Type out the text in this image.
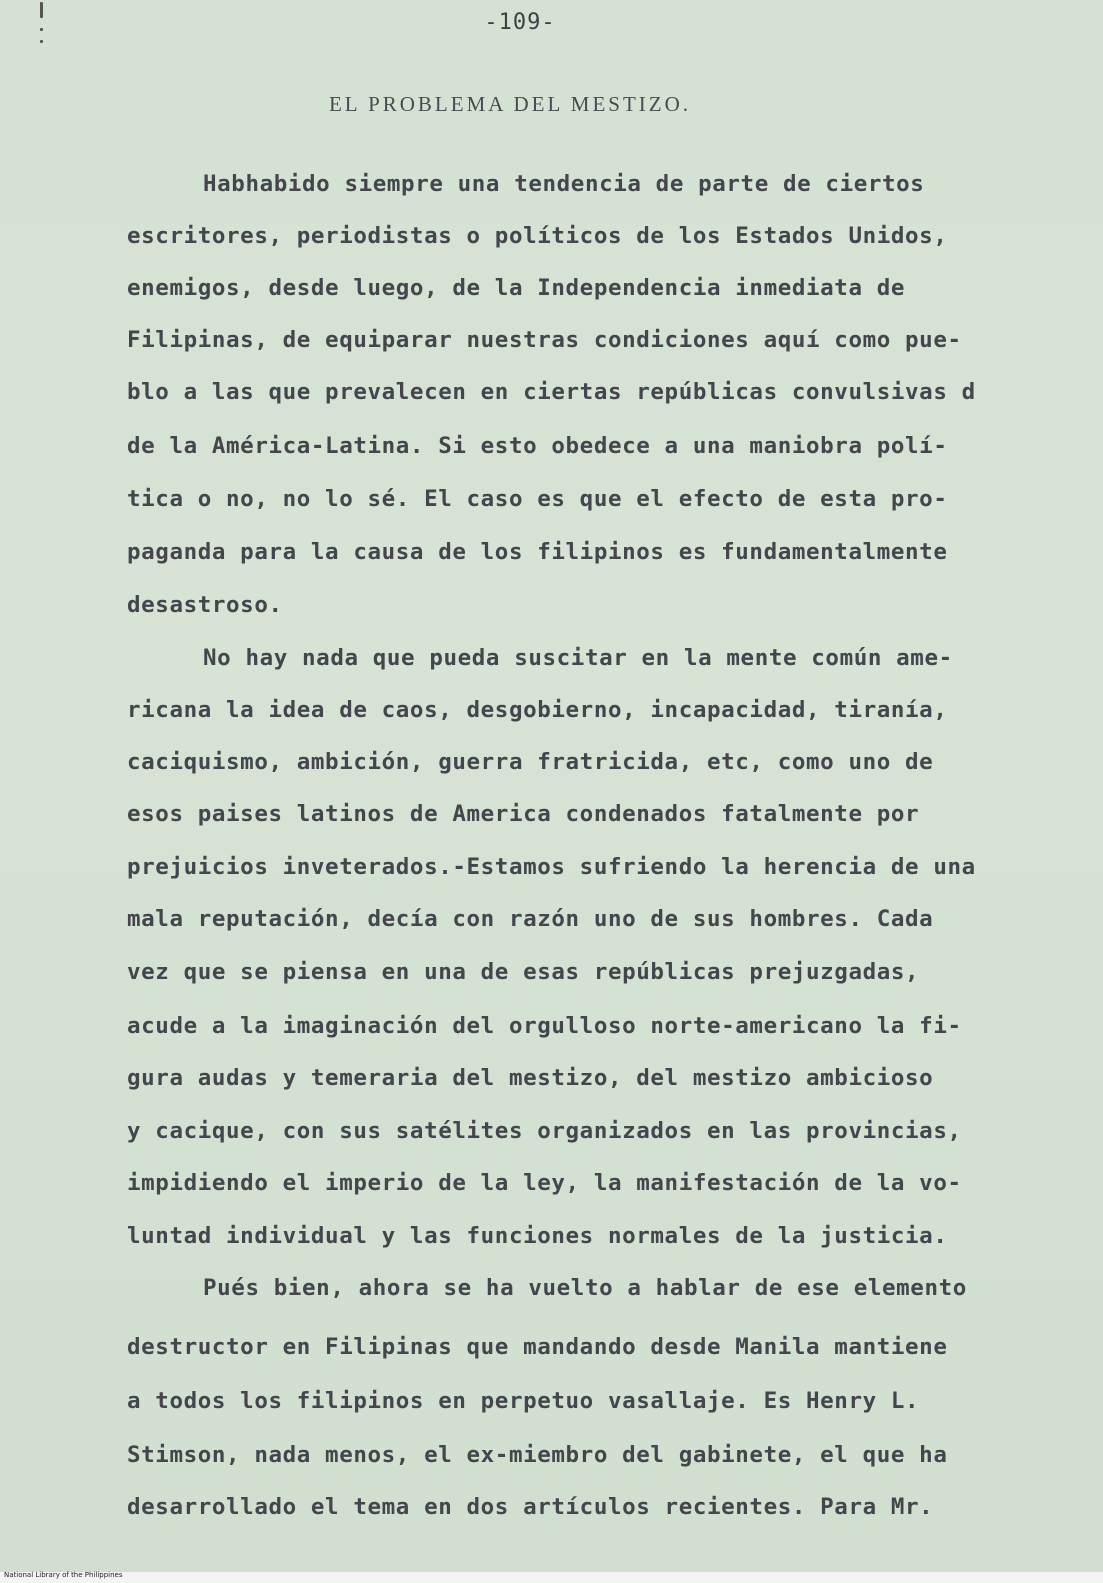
-109-
EL PROBLEMA DEL MESTIZO.
Habhabido siempre una tendencia de parte de ciertos
escritores, periodistas o políticos de los Estados Unidos,
enemigos, desde luego, de la Independencia inmediata de
Filipinas, de equiparar nuestras condiciones aquí como pue-
blo a las que prevalecen en ciertas repúblicas convulsivas d
de la América-Latina. Si esto obedece a una maniobra polí-
tica o no, no lo sé. El caso es que el efecto de esta pro-
paganda para la causa de los filipinos es fundamentalmente
desastroso.
No hay nada que pueda suscitar en la mente común ame-
ricana la idea de caos, desgobierno, incapacidad, tiranía,
caciquismo, ambición, guerra fratricida, etc, como uno de
esos paises latinos de America condenados fatalmente por
prejuicios inveterados.-Estamos sufriendo la herencia de una
mala reputación, decía con razón uno de sus hombres. Cada
vez que se piensa en una de esas repúblicas prejuzgadas,
acude a la imaginación del orgulloso norte-americano la fi-
gura audas y temeraria del mestizo, del mestizo ambicioso
y cacique, con sus satélites organizados en las provincias,
impidiendo el imperio de la ley, la manifestación de la vo-
luntad individual y las funciones normales de la justicia.
Pués bien, ahora se ha vuelto a hablar de ese elemento
destructor en Filipinas que mandando desde Manila mantiene
a todos los filipinos en perpetuo vasallaje. Es Henry L.
Stimson, nada menos, el ex-miembro del gabinete, el que ha
desarrollado el tema en dos artículos recientes. Para Mr.
National Library of the Philippines
